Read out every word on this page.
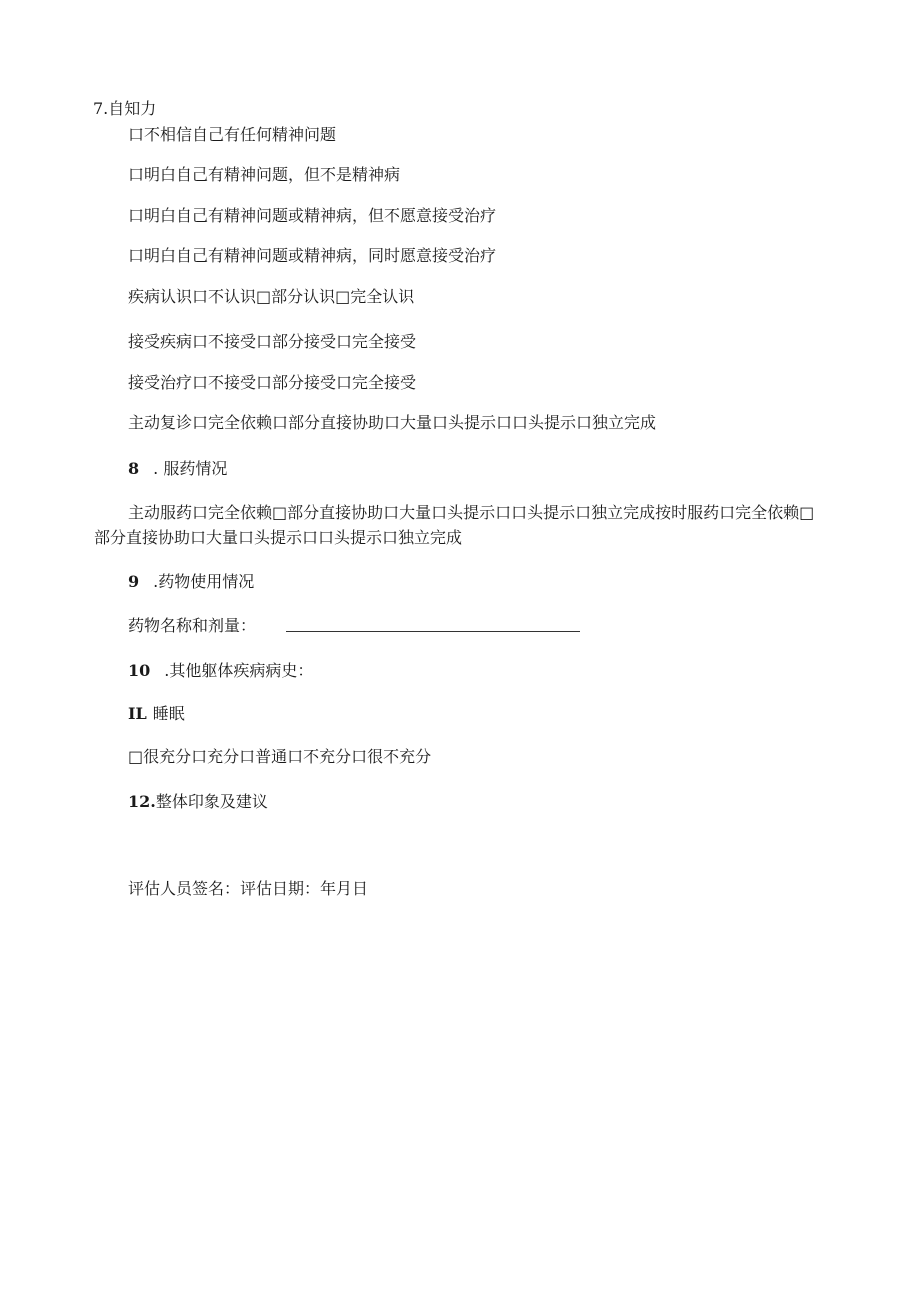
7.自知力
口不相信自己有任何精神问题
口明白自己有精神问题，但不是精神病
口明白自己有精神问题或精神病，但不愿意接受治疗
口明白自己有精神问题或精神病，同时愿意接受治疗
疾病认识口不认识□部分认识□完全认识
接受疾病口不接受口部分接受口完全接受
接受治疗口不接受口部分接受口完全接受
主动复诊口完全依赖口部分直接协助口大量口头提示口口头提示口独立完成
8 . 服药情况
主动服药口完全依赖□部分直接协助口大量口头提示口口头提示口独立完成按时服药口完全依赖□部分直接协助口大量口头提示口口头提示口独立完成
9 .药物使用情况
药物名称和剂量：
10 .其他躯体疾病病史：
IL 睡眠
□很充分口充分口普通口不充分口很不充分
12.整体印象及建议
评估人员签名：评估日期：年月日
